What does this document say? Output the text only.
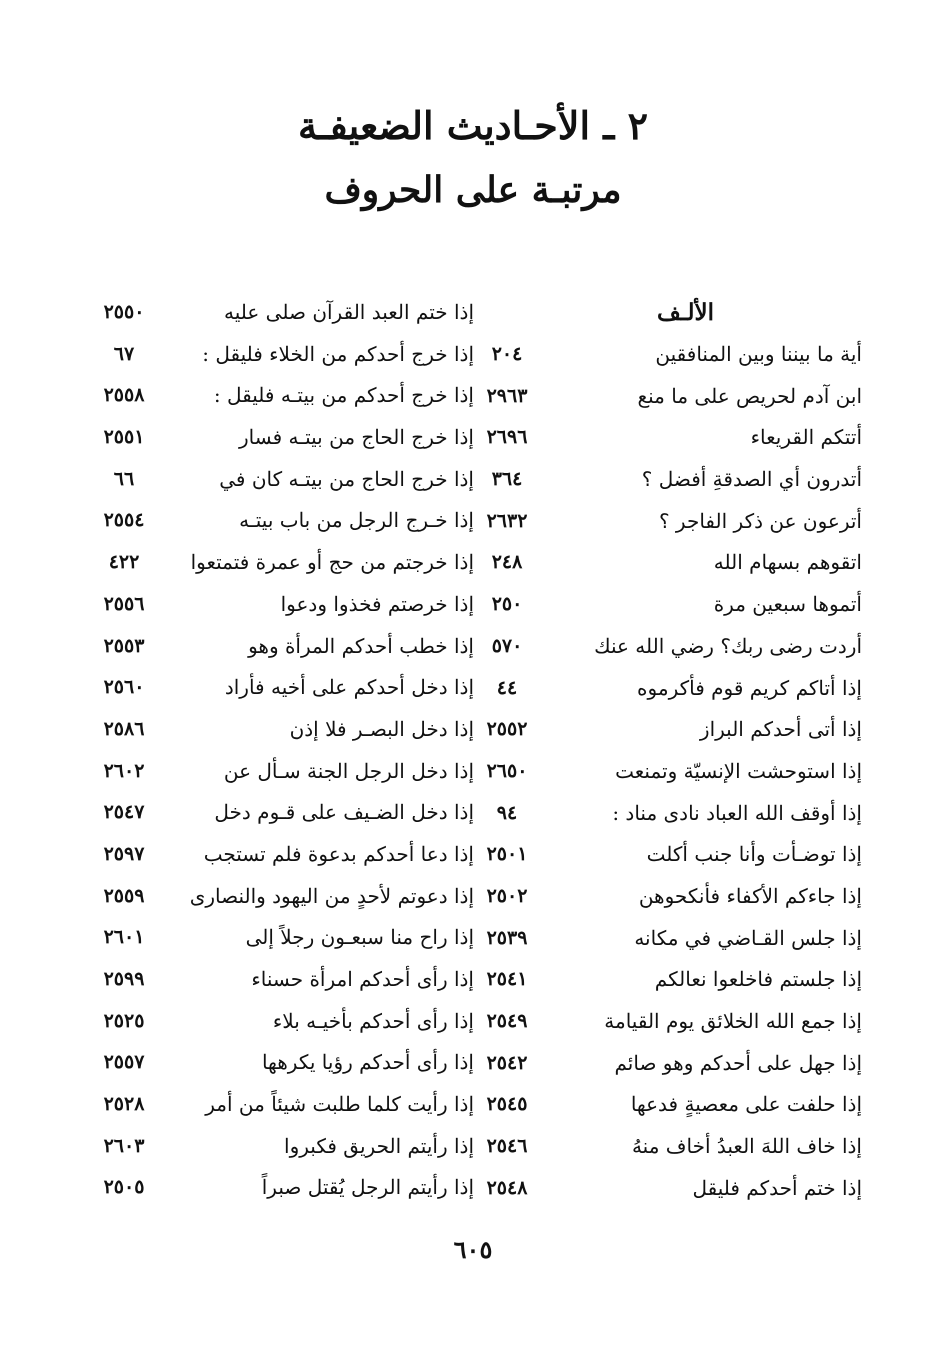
٢ ـ الأحـاديث الضعيفـة
مرتبـة على الحروف
الألـف
أية ما بيننا وبين المنافقين
٢٠٤
ابن آدم لحريص على ما منع
٢٩٦٣
أتتكم القريعاء
٢٦٩٦
أتدرون أي الصدقةِ أفضل ؟
٣٦٤
أترعون عن ذكر الفاجر ؟
٢٦٣٢
اتقوهم بسهام الله
٢٤٨
أتموها سبعين مرة
٢٥٠
أردت رضى ربك؟ رضي الله عنك
٥٧٠
إذا أتاكم كريم قوم فأكرموه
٤٤
إذا أتى أحدكم البراز
٢٥٥٢
إذا استوحشت الإنسيّة وتمنعت
٢٦٥٠
إذا أوقف الله العباد نادى مناد :
٩٤
إذا توضـأت وأنا جنب أكلت
٢٥٠١
إذا جاءكم الأكفاء فأنكحوهن
٢٥٠٢
إذا جلس القـاضي في مكانه
٢٥٣٩
إذا جلستم فاخلعوا نعالكم
٢٥٤١
إذا جمع الله الخلائق يوم القيامة
٢٥٤٩
إذا جهل على أحدكم وهو صائم
٢٥٤٢
إذا حلفت على معصيةٍ فدعها
٢٥٤٥
إذا خاف اللهَ العبدُ أخاف منهُ
٢٥٤٦
إذا ختم أحدكم فليقل
٢٥٤٨
إذا ختم العبد القرآن صلى عليه
٢٥٥٠
إذا خرج أحدكم من الخلاء فليقل :
٦٧
إذا خرج أحدكم من بيتـه فليقل :
٢٥٥٨
إذا خرج الحاج من بيتـه فسار
٢٥٥١
إذا خرج الحاج من بيتـه كان في
٦٦
إذا خـرج الرجل من باب بيتـه
٢٥٥٤
إذا خرجتم من حج أو عمرة فتمتعوا
٤٢٢
إذا خرصتم فخذوا ودعوا
٢٥٥٦
إذا خطب أحدكم المرأة وهو
٢٥٥٣
إذا دخل أحدكم على أخيه فأراد
٢٥٦٠
إذا دخل البصـر فلا إذن
٢٥٨٦
إذا دخل الرجل الجنة سـأل عن
٢٦٠٢
إذا دخل الضـيف على قـوم دخل
٢٥٤٧
إذا دعا أحدكم بدعوة فلم تستجب
٢٥٩٧
إذا دعوتم لأحدٍ من اليهود والنصارى
٢٥٥٩
إذا راح منا سبعـون رجلاً إلى
٢٦٠١
إذا رأى أحدكم امرأة حسناء
٢٥٩٩
إذا رأى أحدكم بأخيـه بلاء
٢٥٢٥
إذا رأى أحدكم رؤيا يكرهها
٢٥٥٧
إذا رأيت كلما طلبت شيئاً من أمر
٢٥٢٨
إذا رأيتم الحريق فكبروا
٢٦٠٣
إذا رأيتم الرجل يُقتل صبراً
٢٥٠٥
٦٠٥
